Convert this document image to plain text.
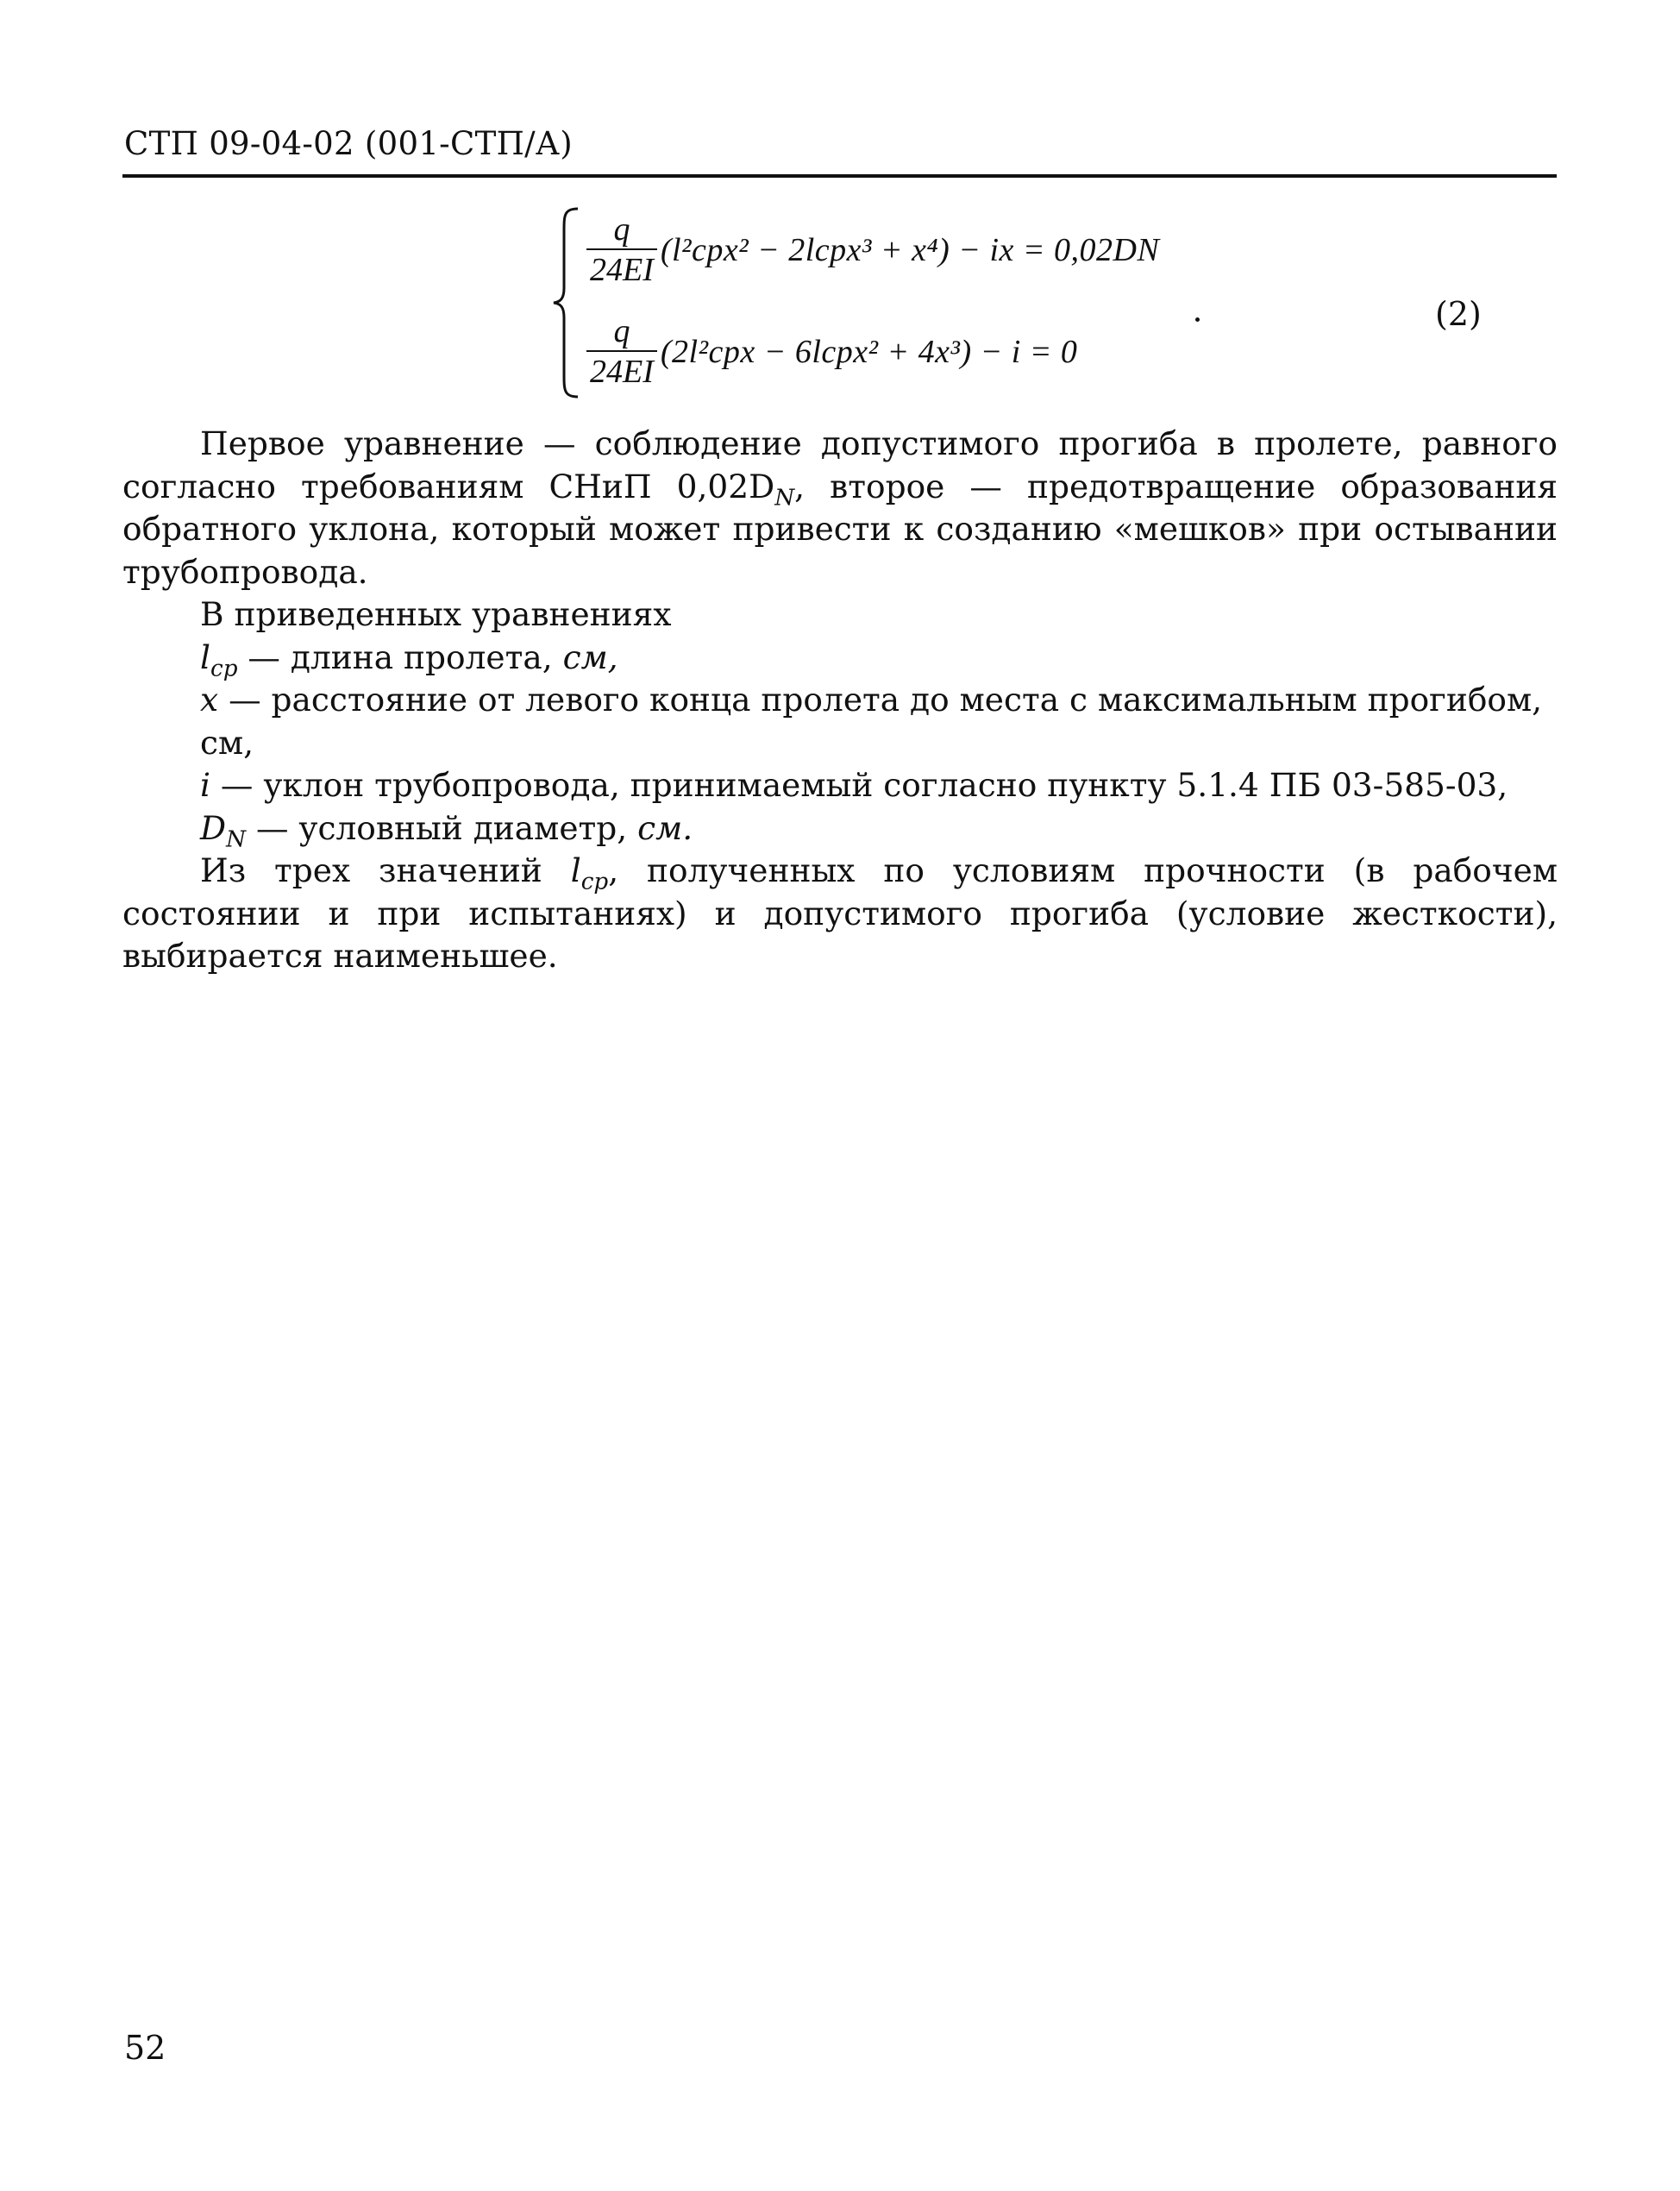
СТП 09-04-02 (001-СТП/А)
$\frac{q}{24EI} (l^2cpx^2$ − 2lcpx³ + x⁴) − ix = 0,02DN
$\frac{q}{24EI} (2l^2cpx$ − 6lcpx² + 4x³) − i = 0
(2)

Первое уравнение — соблюдение допустимого прогиба в пролете, равного согласно требованиям СНиП $0,02D_N$, второе — предотвращение образования обратного уклона, который может привести к созданию «мешков» при остывании трубопровода.

В приведенных уравнениях

$l_{cp}$ — длина пролета, см,

x — расстояние от левого конца пролета до места с максимальным прогибом, см,

i — уклон трубопровода, принимаемый согласно пункту 5.1.4 ПБ 03-585-03,

$D_N$ — условный диаметр, см.

Из трех значений $l_{cp}$, полученных по условиям прочности (в рабочем состоянии и при испытаниях) и допустимого прогиба (условие жесткости), выбирается наименьшее.

52
